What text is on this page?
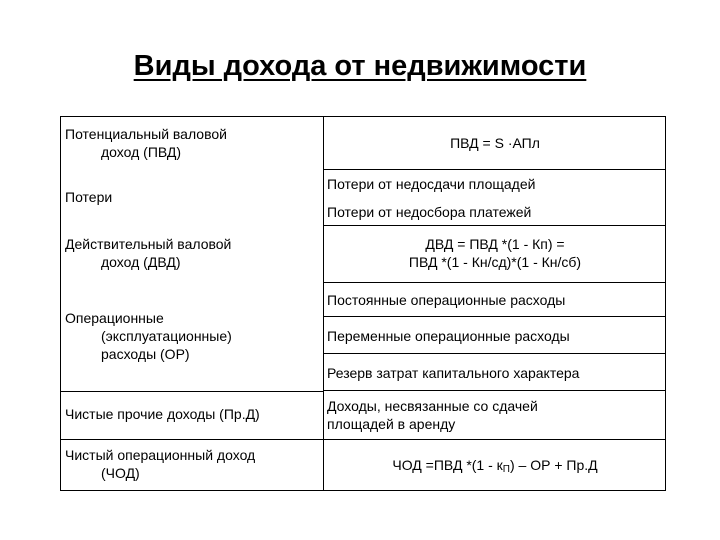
Виды дохода от недвижимости
Потенциальный валовой
доход (ПВД)
ПВД = S ·АПл
Потери
Потери от недосдачи площадей
Потери от недосбора платежей
Действительный валовой
доход (ДВД)
ДВД = ПВД *(1 - Кп) =
ПВД *(1 - Кн/сд)*(1 - Кн/сб)
Операционные
(эксплуатационные)
расходы (ОР)
Постоянные операционные расходы
Переменные операционные расходы
Резерв затрат капитального характера
Чистые прочие доходы (Пр.Д)	Доходы, несвязанные со сдачей
площадей в аренду
Чистый операционный доход
(ЧОД)	ЧОД =ПВД $*(1 - к_П)$ – ОР + Пр.Д
